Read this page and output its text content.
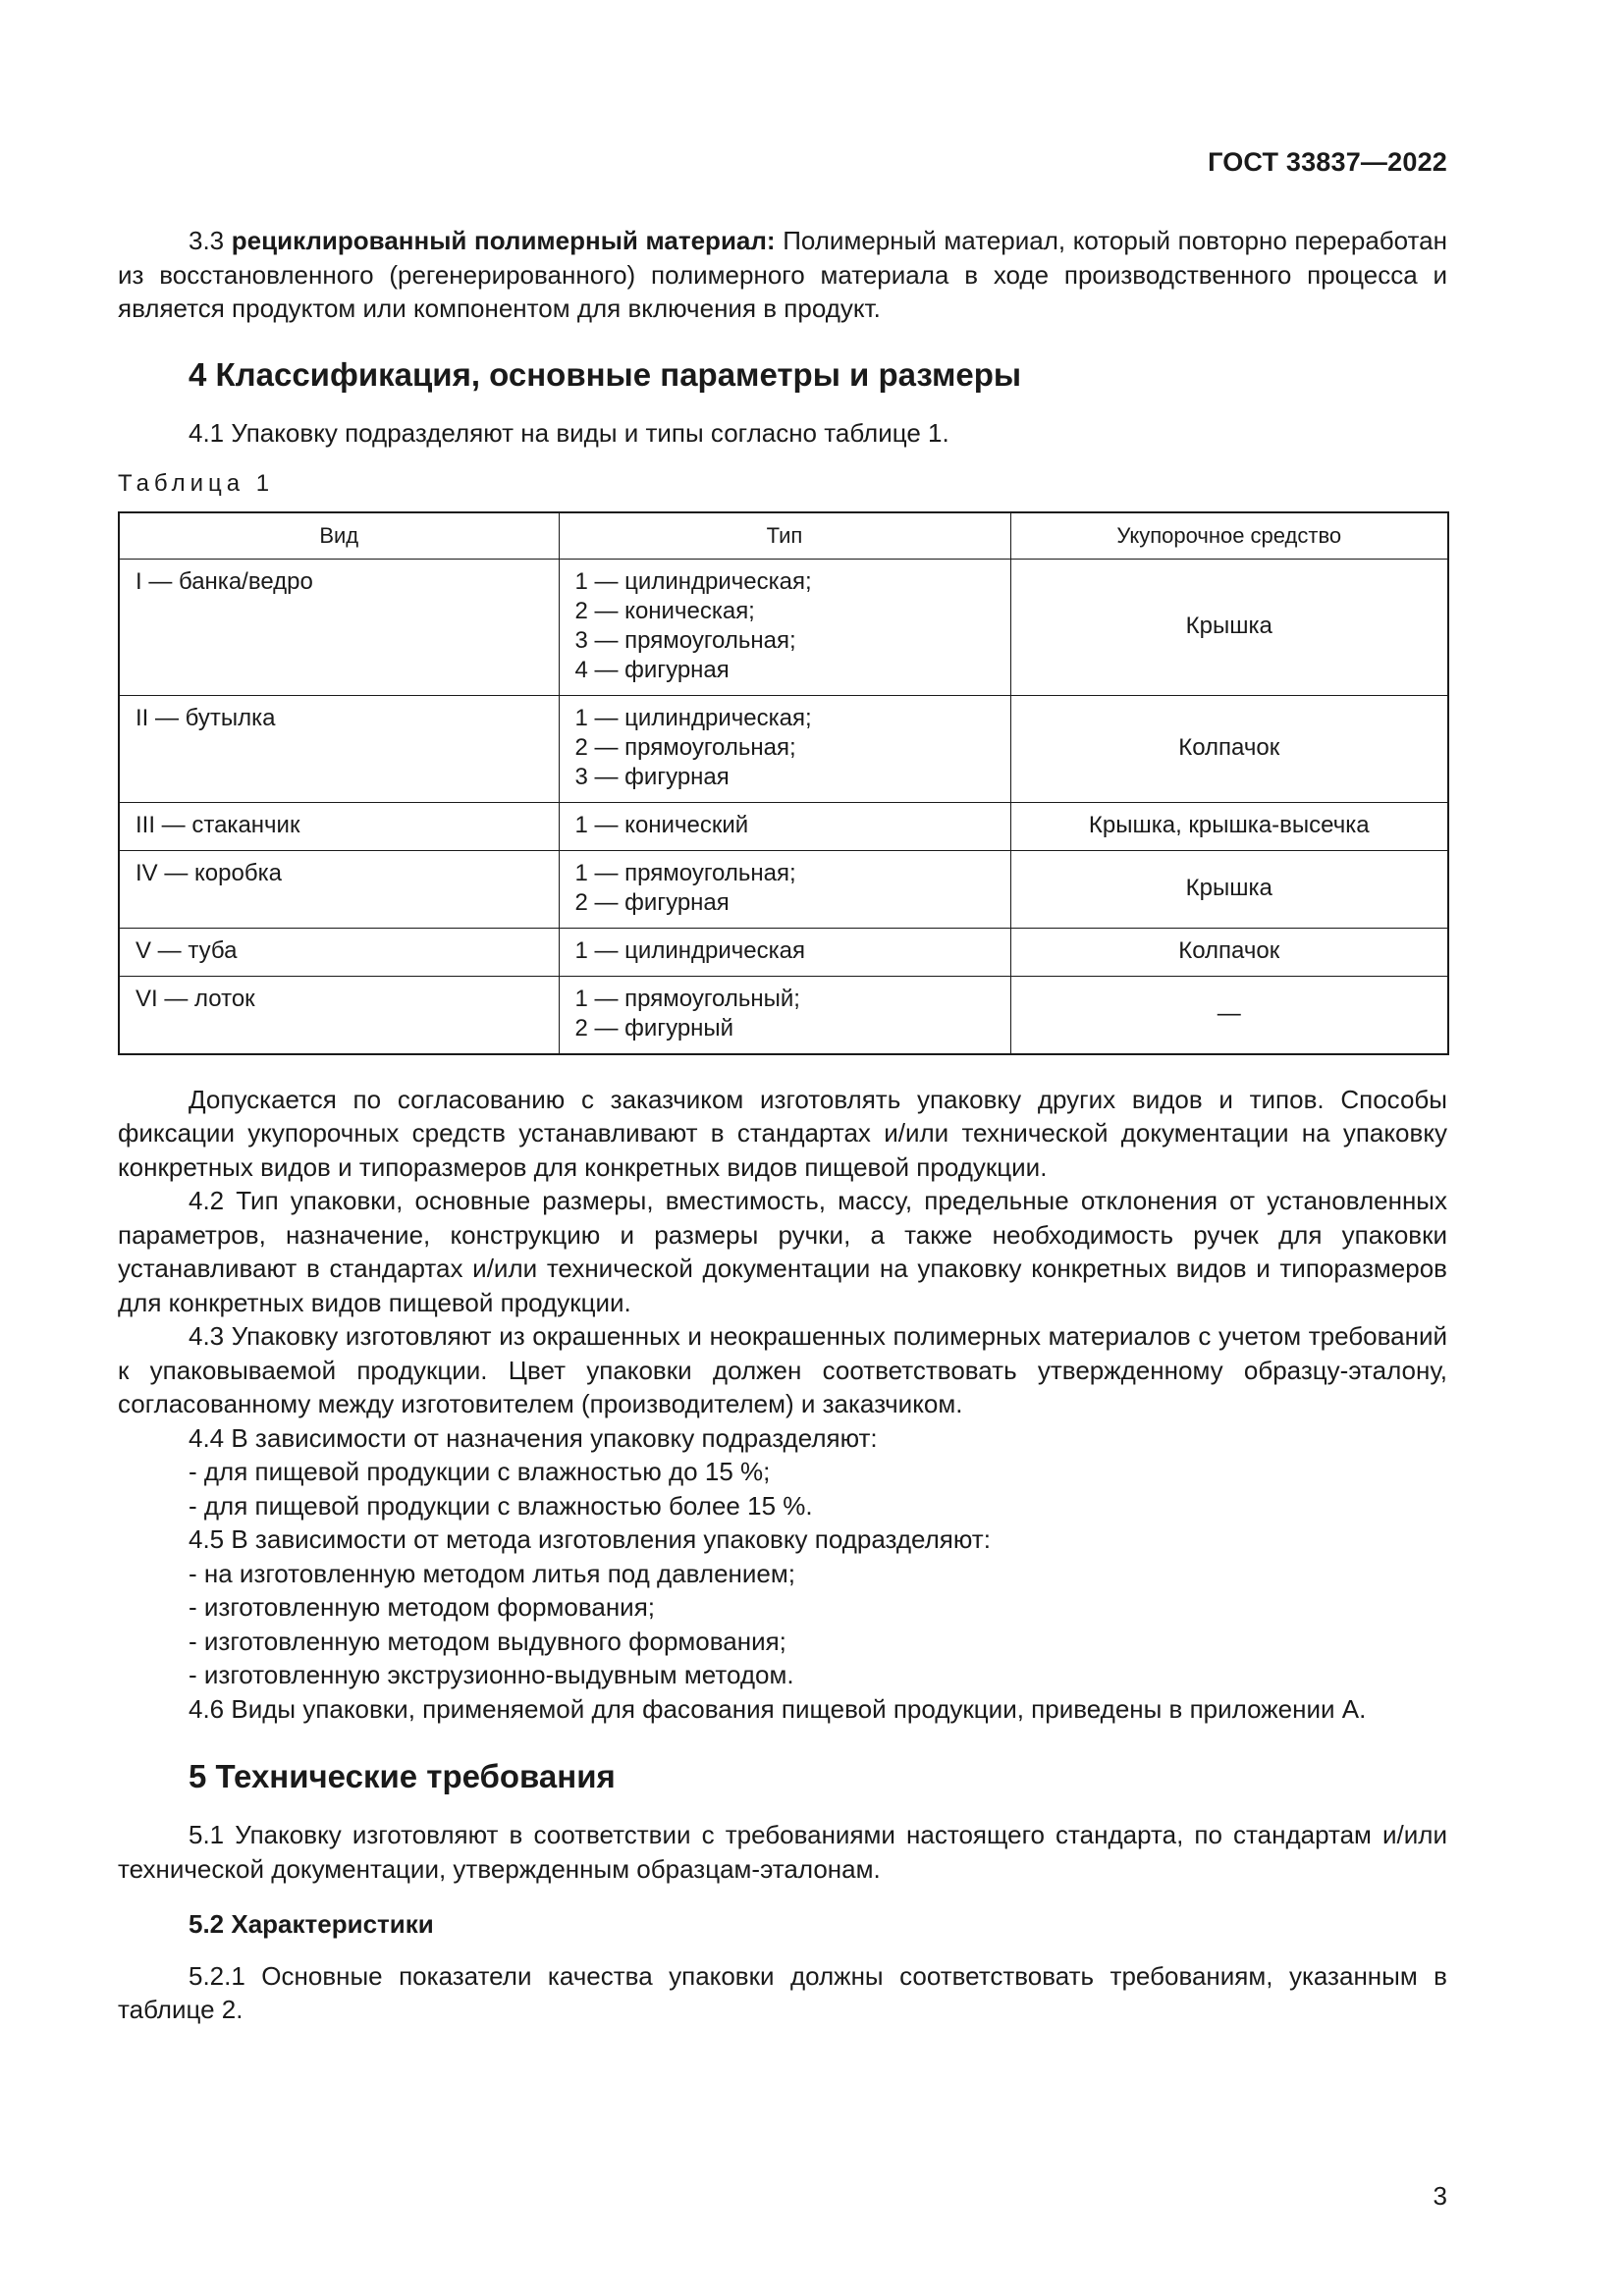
ГОСТ 33837—2022

3.3 рециклированный полимерный материал: Полимерный материал, который повторно переработан из восстановленного (регенерированного) полимерного материала в ходе производственного процесса и является продуктом или компонентом для включения в продукт.

4 Классификация, основные параметры и размеры

4.1 Упаковку подразделяют на виды и типы согласно таблице 1.

Таблица 1

Вид	Тип	Укупорочное средство
I — банка/ведро	1 — цилиндрическая;
2 — коническая;
3 — прямоугольная;
4 — фигурная	Крышка
II — бутылка	1 — цилиндрическая;
2 — прямоугольная;
3 — фигурная	Колпачок
III — стаканчик	1 — конический	Крышка, крышка-высечка
IV — коробка	1 — прямоугольная;
2 — фигурная	Крышка
V — туба	1 — цилиндрическая	Колпачок
VI — лоток	1 — прямоугольный;
2 — фигурный	—

Допускается по согласованию с заказчиком изготовлять упаковку других видов и типов. Способы фиксации укупорочных средств устанавливают в стандартах и/или технической документации на упаковку конкретных видов и типоразмеров для конкретных видов пищевой продукции.

4.2 Тип упаковки, основные размеры, вместимость, массу, предельные отклонения от установленных параметров, назначение, конструкцию и размеры ручки, а также необходимость ручек для упаковки устанавливают в стандартах и/или технической документации на упаковку конкретных видов и типоразмеров для конкретных видов пищевой продукции.

4.3 Упаковку изготовляют из окрашенных и неокрашенных полимерных материалов с учетом требований к упаковываемой продукции. Цвет упаковки должен соответствовать утвержденному образцу-эталону, согласованному между изготовителем (производителем) и заказчиком.

4.4 В зависимости от назначения упаковку подразделяют:

- для пищевой продукции с влажностью до 15 %;

- для пищевой продукции с влажностью более 15 %.

4.5 В зависимости от метода изготовления упаковку подразделяют:

- на изготовленную методом литья под давлением;

- изготовленную методом формования;

- изготовленную методом выдувного формования;

- изготовленную экструзионно-выдувным методом.

4.6 Виды упаковки, применяемой для фасования пищевой продукции, приведены в приложении А.

5 Технические требования

5.1 Упаковку изготовляют в соответствии с требованиями настоящего стандарта, по стандартам и/или технической документации, утвержденным образцам-эталонам.

5.2 Характеристики

5.2.1 Основные показатели качества упаковки должны соответствовать требованиям, указанным в таблице 2.

3
